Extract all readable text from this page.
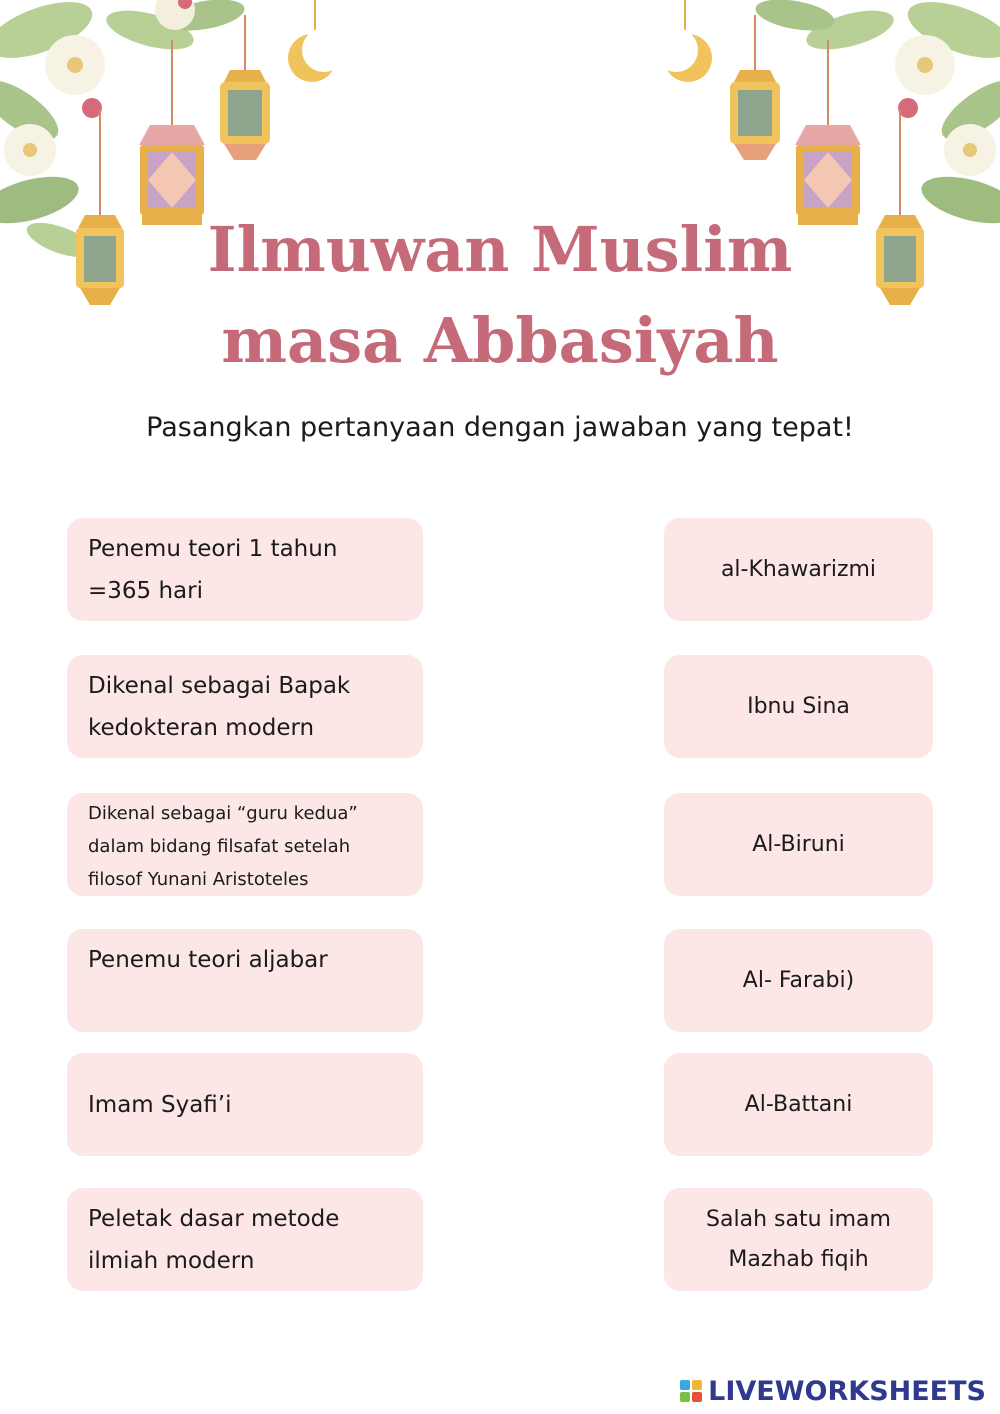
Ilmuwan Muslim
masa Abbasiyah
Pasangkan pertanyaan dengan jawaban yang tepat!
Penemu teori 1 tahun =365 hari
Dikenal sebagai Bapak kedokteran modern
Dikenal sebagai “guru kedua” dalam bidang filsafat setelah filosof Yunani Aristoteles
Penemu teori aljabar
Imam Syafi’i
Peletak dasar metode ilmiah modern
al-Khawarizmi
Ibnu Sina
Al-Biruni
Al- Farabi)
Al-Battani
Salah satu imam Mazhab fiqih
LIVEWORKSHEETS
